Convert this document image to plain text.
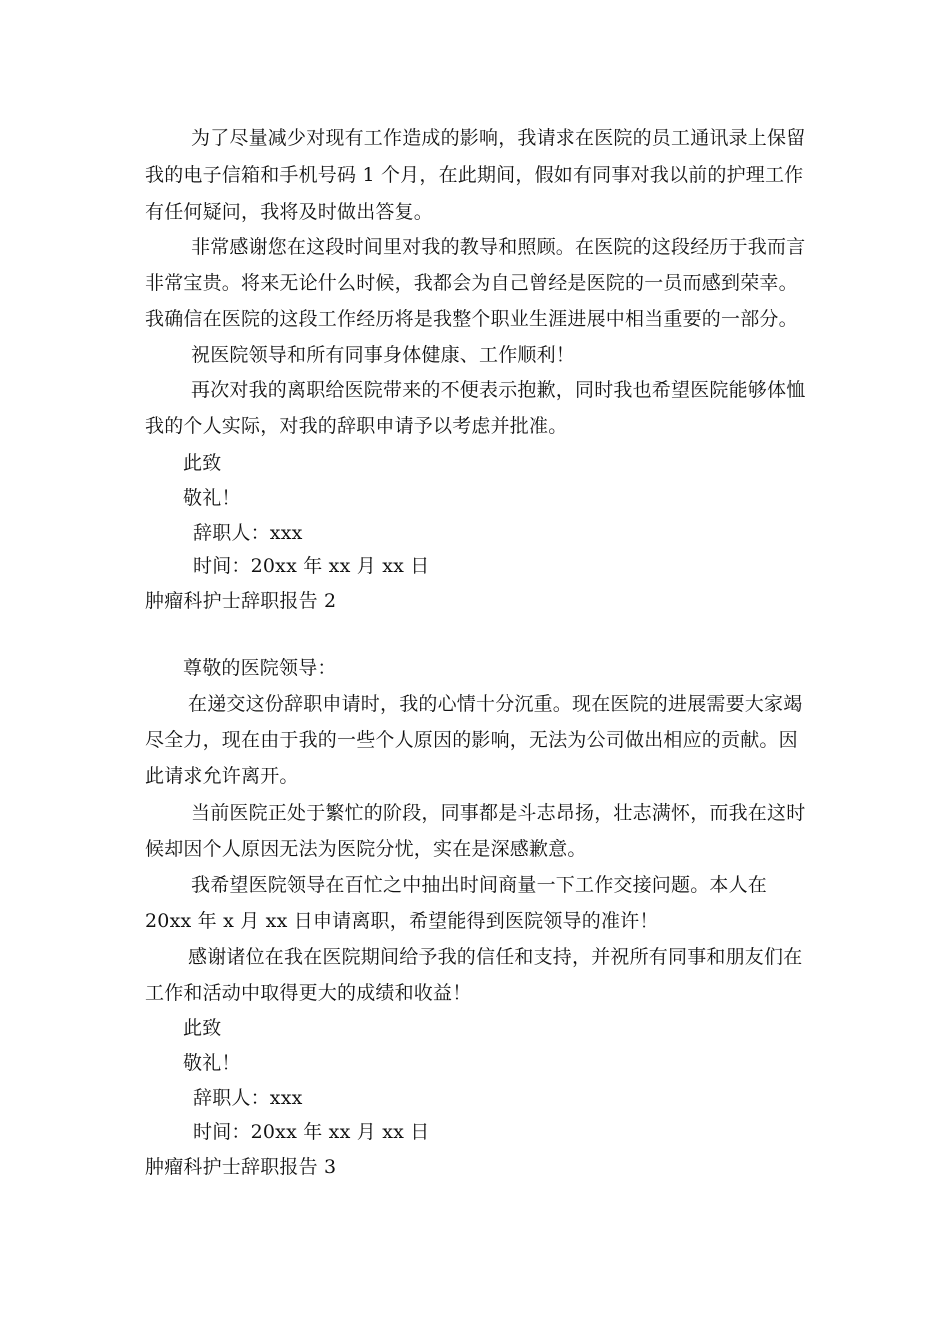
为了尽量减少对现有工作造成的影响，我请求在医院的员工通讯录上保留
我的电子信箱和手机号码 1 个月，在此期间，假如有同事对我以前的护理工作
有任何疑问，我将及时做出答复。
非常感谢您在这段时间里对我的教导和照顾。在医院的这段经历于我而言
非常宝贵。将来无论什么时候，我都会为自己曾经是医院的一员而感到荣幸。
我确信在医院的这段工作经历将是我整个职业生涯进展中相当重要的一部分。
祝医院领导和所有同事身体健康、工作顺利！
再次对我的离职给医院带来的不便表示抱歉，同时我也希望医院能够体恤
我的个人实际，对我的辞职申请予以考虑并批准。
此致
敬礼！
辞职人：xxx
时间：20xx 年 xx 月 xx 日
肿瘤科护士辞职报告 2
尊敬的医院领导：
在递交这份辞职申请时，我的心情十分沉重。现在医院的进展需要大家竭
尽全力，现在由于我的一些个人原因的影响，无法为公司做出相应的贡献。因
此请求允许离开。
当前医院正处于繁忙的阶段，同事都是斗志昂扬，壮志满怀，而我在这时
候却因个人原因无法为医院分忧，实在是深感歉意。
我希望医院领导在百忙之中抽出时间商量一下工作交接问题。本人在
20xx 年 x 月 xx 日申请离职，希望能得到医院领导的准许！
感谢诸位在我在医院期间给予我的信任和支持，并祝所有同事和朋友们在
工作和活动中取得更大的成绩和收益！
此致
敬礼！
辞职人：xxx
时间：20xx 年 xx 月 xx 日
肿瘤科护士辞职报告 3
